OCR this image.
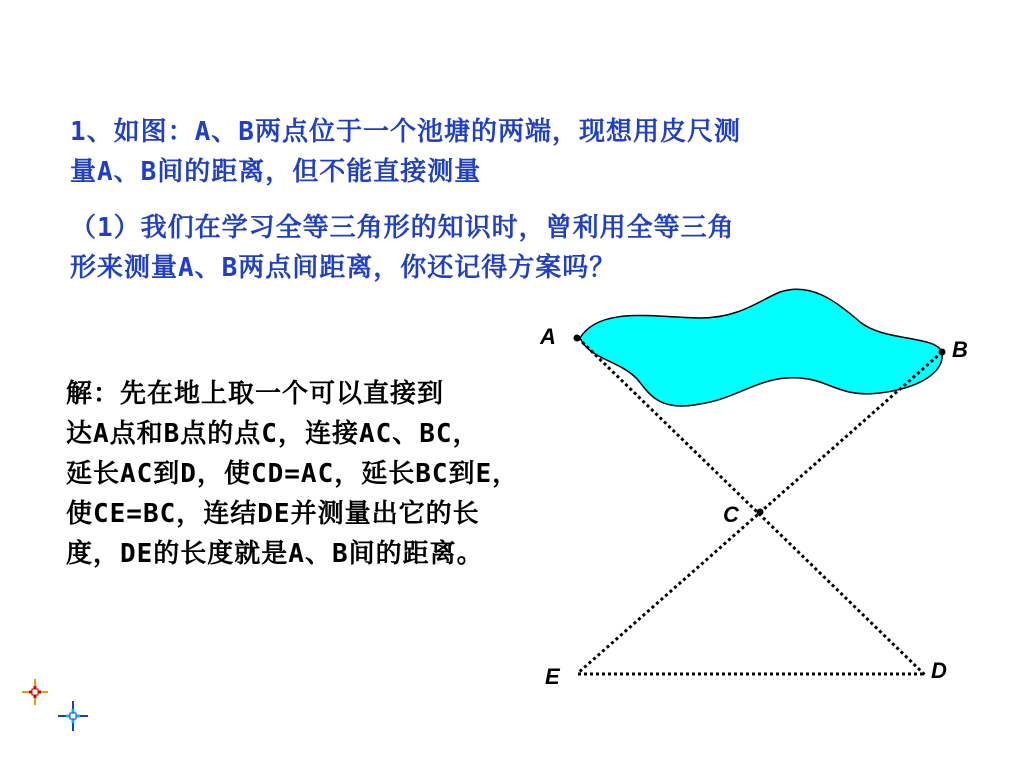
1、如图：A、B两点位于一个池塘的两端，现想用皮尺测

量A、B间的距离，但不能直接测量

（1）我们在学习全等三角形的知识时，曾利用全等三角

形来测量A、B两点间距离，你还记得方案吗？

解：先在地上取一个可以直接到
达A点和B点的点C，连接AC、BC，
延长AC到D，使CD=AC，延长BC到E，
使CE=BC，连结DE并测量出它的长
度，DE的长度就是A、B间的距离。
A
B
C
D
E
